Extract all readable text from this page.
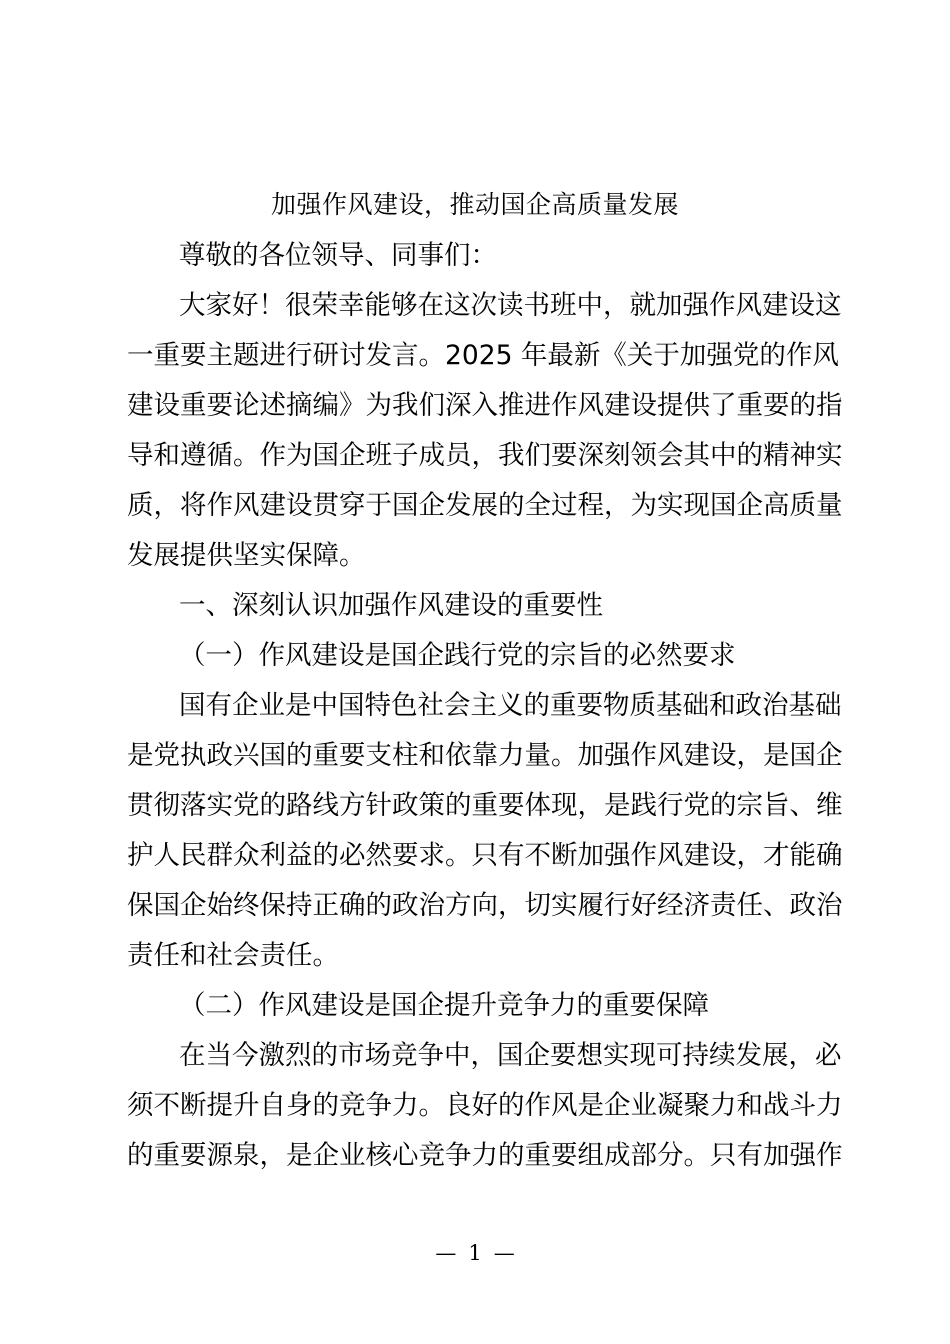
加强作风建设，推动国企高质量发展
尊敬的各位领导、同事们：
大家好！很荣幸能够在这次读书班中，就加强作风建设这
一重要主题进行研讨发言。2025 年最新《关于加强党的作风
建设重要论述摘编》为我们深入推进作风建设提供了重要的指
导和遵循。作为国企班子成员，我们要深刻领会其中的精神实
质，将作风建设贯穿于国企发展的全过程，为实现国企高质量
发展提供坚实保障。
一、深刻认识加强作风建设的重要性
（一）作风建设是国企践行党的宗旨的必然要求
国有企业是中国特色社会主义的重要物质基础和政治基础
是党执政兴国的重要支柱和依靠力量。加强作风建设，是国企
贯彻落实党的路线方针政策的重要体现，是践行党的宗旨、维
护人民群众利益的必然要求。只有不断加强作风建设，才能确
保国企始终保持正确的政治方向，切实履行好经济责任、政治
责任和社会责任。
（二）作风建设是国企提升竞争力的重要保障
在当今激烈的市场竞争中，国企要想实现可持续发展，必
须不断提升自身的竞争力。良好的作风是企业凝聚力和战斗力
的重要源泉，是企业核心竞争力的重要组成部分。只有加强作
— 1 —
